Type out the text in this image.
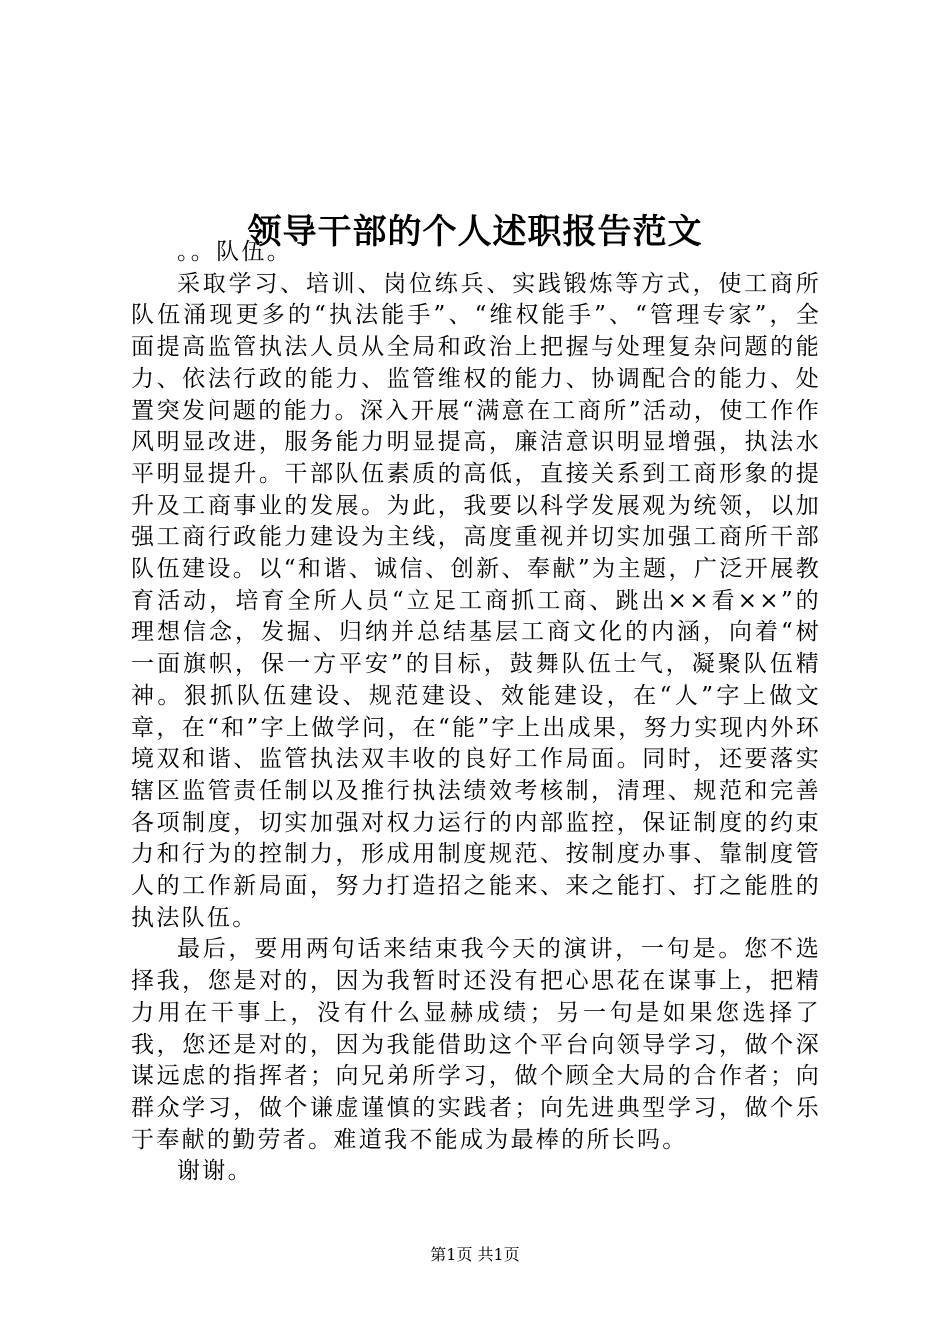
领导干部的个人述职报告范文

。。队伍。

采取学习、培训、岗位练兵、实践锻炼等方式，使工商所队伍涌现更多的“执法能手”、“维权能手”、“管理专家”，全面提高监管执法人员从全局和政治上把握与处理复杂问题的能力、依法行政的能力、监管维权的能力、协调配合的能力、处置突发问题的能力。深入开展“满意在工商所”活动，使工作作风明显改进，服务能力明显提高，廉洁意识明显增强，执法水平明显提升。干部队伍素质的高低，直接关系到工商形象的提升及工商事业的发展。为此，我要以科学发展观为统领，以加强工商行政能力建设为主线，高度重视并切实加强工商所干部队伍建设。以“和谐、诚信、创新、奉献”为主题，广泛开展教育活动，培育全所人员“立足工商抓工商、跳出××看××”的理想信念，发掘、归纳并总结基层工商文化的内涵，向着“树一面旗帜，保一方平安”的目标，鼓舞队伍士气，凝聚队伍精神。狠抓队伍建设、规范建设、效能建设，在“人”字上做文章，在“和”字上做学问，在“能”字上出成果，努力实现内外环境双和谐、监管执法双丰收的良好工作局面。同时，还要落实辖区监管责任制以及推行执法绩效考核制，清理、规范和完善各项制度，切实加强对权力运行的内部监控，保证制度的约束力和行为的控制力，形成用制度规范、按制度办事、靠制度管人的工作新局面，努力打造招之能来、来之能打、打之能胜的执法队伍。

最后，要用两句话来结束我今天的演讲，一句是。您不选择我，您是对的，因为我暂时还没有把心思花在谋事上，把精力用在干事上，没有什么显赫成绩；另一句是如果您选择了我，您还是对的，因为我能借助这个平台向领导学习，做个深谋远虑的指挥者；向兄弟所学习，做个顾全大局的合作者；向群众学习，做个谦虚谨慎的实践者；向先进典型学习，做个乐于奉献的勤劳者。难道我不能成为最棒的所长吗。

谢谢。

第1页 共1页
